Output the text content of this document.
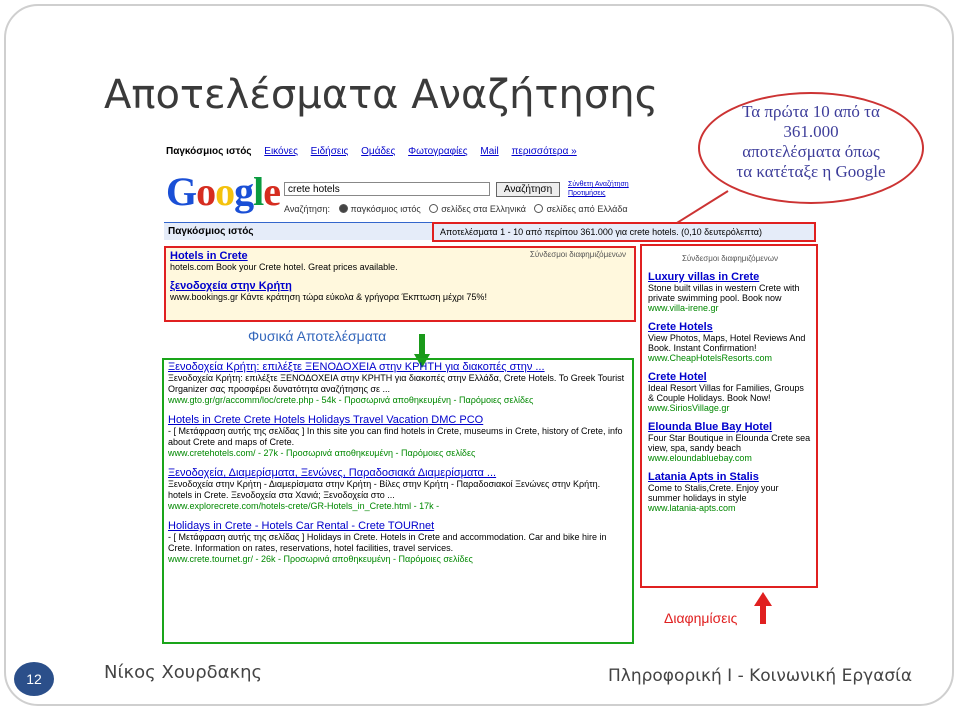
Αποτελέσματα Αναζήτησης
Παγκόσμιος ιστός Εικόνες Ειδήσεις Ομάδες Φωτογραφίες Mail περισσότερα »
Google crete hotels	Αναζήτηση	Σύνθετη Αναζήτηση
Προτιμήσεις
Αναζήτηση: παγκόσμιος ιστός σελίδες στα Ελληνικά σελίδες από Ελλάδα
Παγκόσμιος ιστός	Αποτελέσματα 1 - 10 από περίπου 361.000 για crete hotels. (0,10 δευτερόλεπτα)
Σύνδεσμοι διαφημιζόμενων
Hotels in Crete
hotels.com Book your Crete hotel. Great prices available.
ξενοδοχεία στην Κρήτη
www.bookings.gr Κάντε κράτηση τώρα εύκολα & γρήγορα Έκπτωση μέχρι 75%!
Σύνδεσμοι διαφημιζόμενων
Luxury villas in Crete
Stone built villas in western Crete with private swimming pool. Book now
www.villa-irene.gr
Crete Hotels
View Photos, Maps, Hotel Reviews And Book. Instant Confirmation!
www.CheapHotelsResorts.com
Crete Hotel
Ideal Resort Villas for Families, Groups & Couple Holidays. Book Now!
www.SiriosVillage.gr
Elounda Blue Bay Hotel
Four Star Boutique in Elounda Crete sea view, spa, sandy beach
www.eloundabluebay.com
Latania Apts in Stalis
Come to Stalis,Crete. Enjoy your summer holidays in style
www.latania-apts.com
Φυσικά Αποτελέσματα
Ξενοδοχεία Κρήτη: επιλέξτε ΞΕΝΟΔΟΧΕΙΑ στην ΚΡΗΤΗ για διακοπές στην ...
Ξενοδοχεία Κρήτη: επιλέξτε ΞΕΝΟΔΟΧΕΙΑ στην ΚΡΗΤΗ για διακοπές στην Ελλάδα, Crete Hotels. To Greek Tourist Organizer σας προσφέρει δυνατότητα αναζήτησης σε ...
www.gto.gr/gr/accomm/loc/crete.php - 54k - Προσωρινά αποθηκευμένη - Παρόμοιες σελίδες
Hotels in Crete Crete Hotels Holidays Travel Vacation DMC PCO
- [ Μετάφραση αυτής της σελίδας ] In this site you can find hotels in Crete, museums in Crete, history of Crete, info about Crete and maps of Crete.
www.cretehotels.com/ - 27k - Προσωρινά αποθηκευμένη - Παρόμοιες σελίδες
Ξενοδοχεία, Διαμερίσματα, Ξενώνες, Παραδοσιακά Διαμερίσματα ...
Ξενοδοχεία στην Κρήτη - Διαμερίσματα στην Κρήτη - Βίλες στην Κρήτη - Παραδοσιακοί Ξενώνες στην Κρήτη. hotels in Crete. Ξενοδοχεία στα Χανιά; Ξενοδοχεία στο ...
www.explorecrete.com/hotels-crete/GR-Hotels_in_Crete.html - 17k -
Holidays in Crete - Hotels Car Rental - Crete TOURnet
- [ Μετάφραση αυτής της σελίδας ] Holidays in Crete. Hotels in Crete and accommodation. Car and bike hire in Crete. Information on rates, reservations, hotel facilities, travel services.
www.crete.tournet.gr/ - 26k - Προσωρινά αποθηκευμένη - Παρόμοιες σελίδες
Διαφημίσεις
Τα πρώτα 10 από τα
361.000
αποτελέσματα όπως
τα κατέταξε η Google
12	Νίκος Χουρδακης	Πληροφορική Ι - Κοινωνική Εργασία
